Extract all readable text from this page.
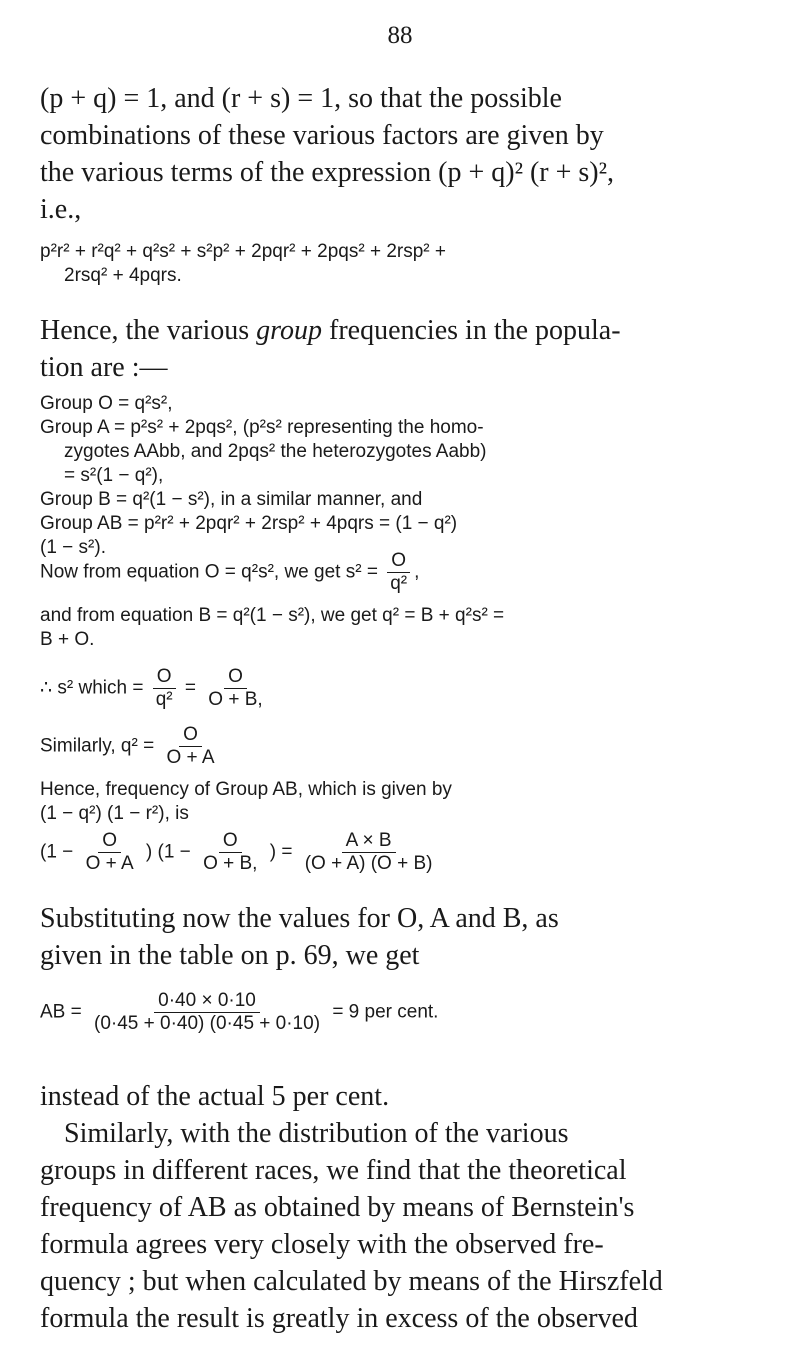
88
(p + q) = 1, and (r + s) = 1, so that the possible
combinations of these various factors are given by
the various terms of the expression (p + q)² (r + s)²,
i.e.,
p²r² + r²q² + q²s² + s²p² + 2pqr² + 2pqs² + 2rsp² +
2rsq² + 4pqrs.
Hence, the various group frequencies in the popula-
tion are :—
Group O = q²s²,
Group A = p²s² + 2pqs², (p²s² representing the homo-
zygotes AAbb, and 2pqs² the heterozygotes Aabb)
= s²(1 − q²),
Group B = q²(1 − s²), in a similar manner, and
Group AB = p²r² + 2pqr² + 2rsp² + 4pqrs = (1 − q²)
(1 − s²).
Now from equation O = q²s², we get $s^2 = \frac{O}{\text{q²}}$ ,
and from equation B = q²(1 − s²), we get q² = B + q²s² =
B + O.
∴ s² which = $\frac{O}{\text{q²}} = \frac{O}{O + B,}$
Similarly, $q^2 = \frac{O}{O + A}$
Hence, frequency of Group AB, which is given by
(1 − q²) (1 − r²), is
($1 - \frac{O}{O + A}$ ) ($1 - \frac{O}{O + B,}$ ) = $\frac{A \times B}{(O + A) (O + B)}$
Substituting now the values for O, A and B, as
given in the table on p. 69, we get
AB = $\frac{0\cdot 40 \times 0\cdot 10}{(0\cdot 45 + 0\cdot 40) (0\cdot 45 + 0\cdot 10)} = 9$ per cent.
instead of the actual 5 per cent.
Similarly, with the distribution of the various
groups in different races, we find that the theoretical
frequency of AB as obtained by means of Bernstein's
formula agrees very closely with the observed fre-
quency ; but when calculated by means of the Hirszfeld
formula the result is greatly in excess of the observed
